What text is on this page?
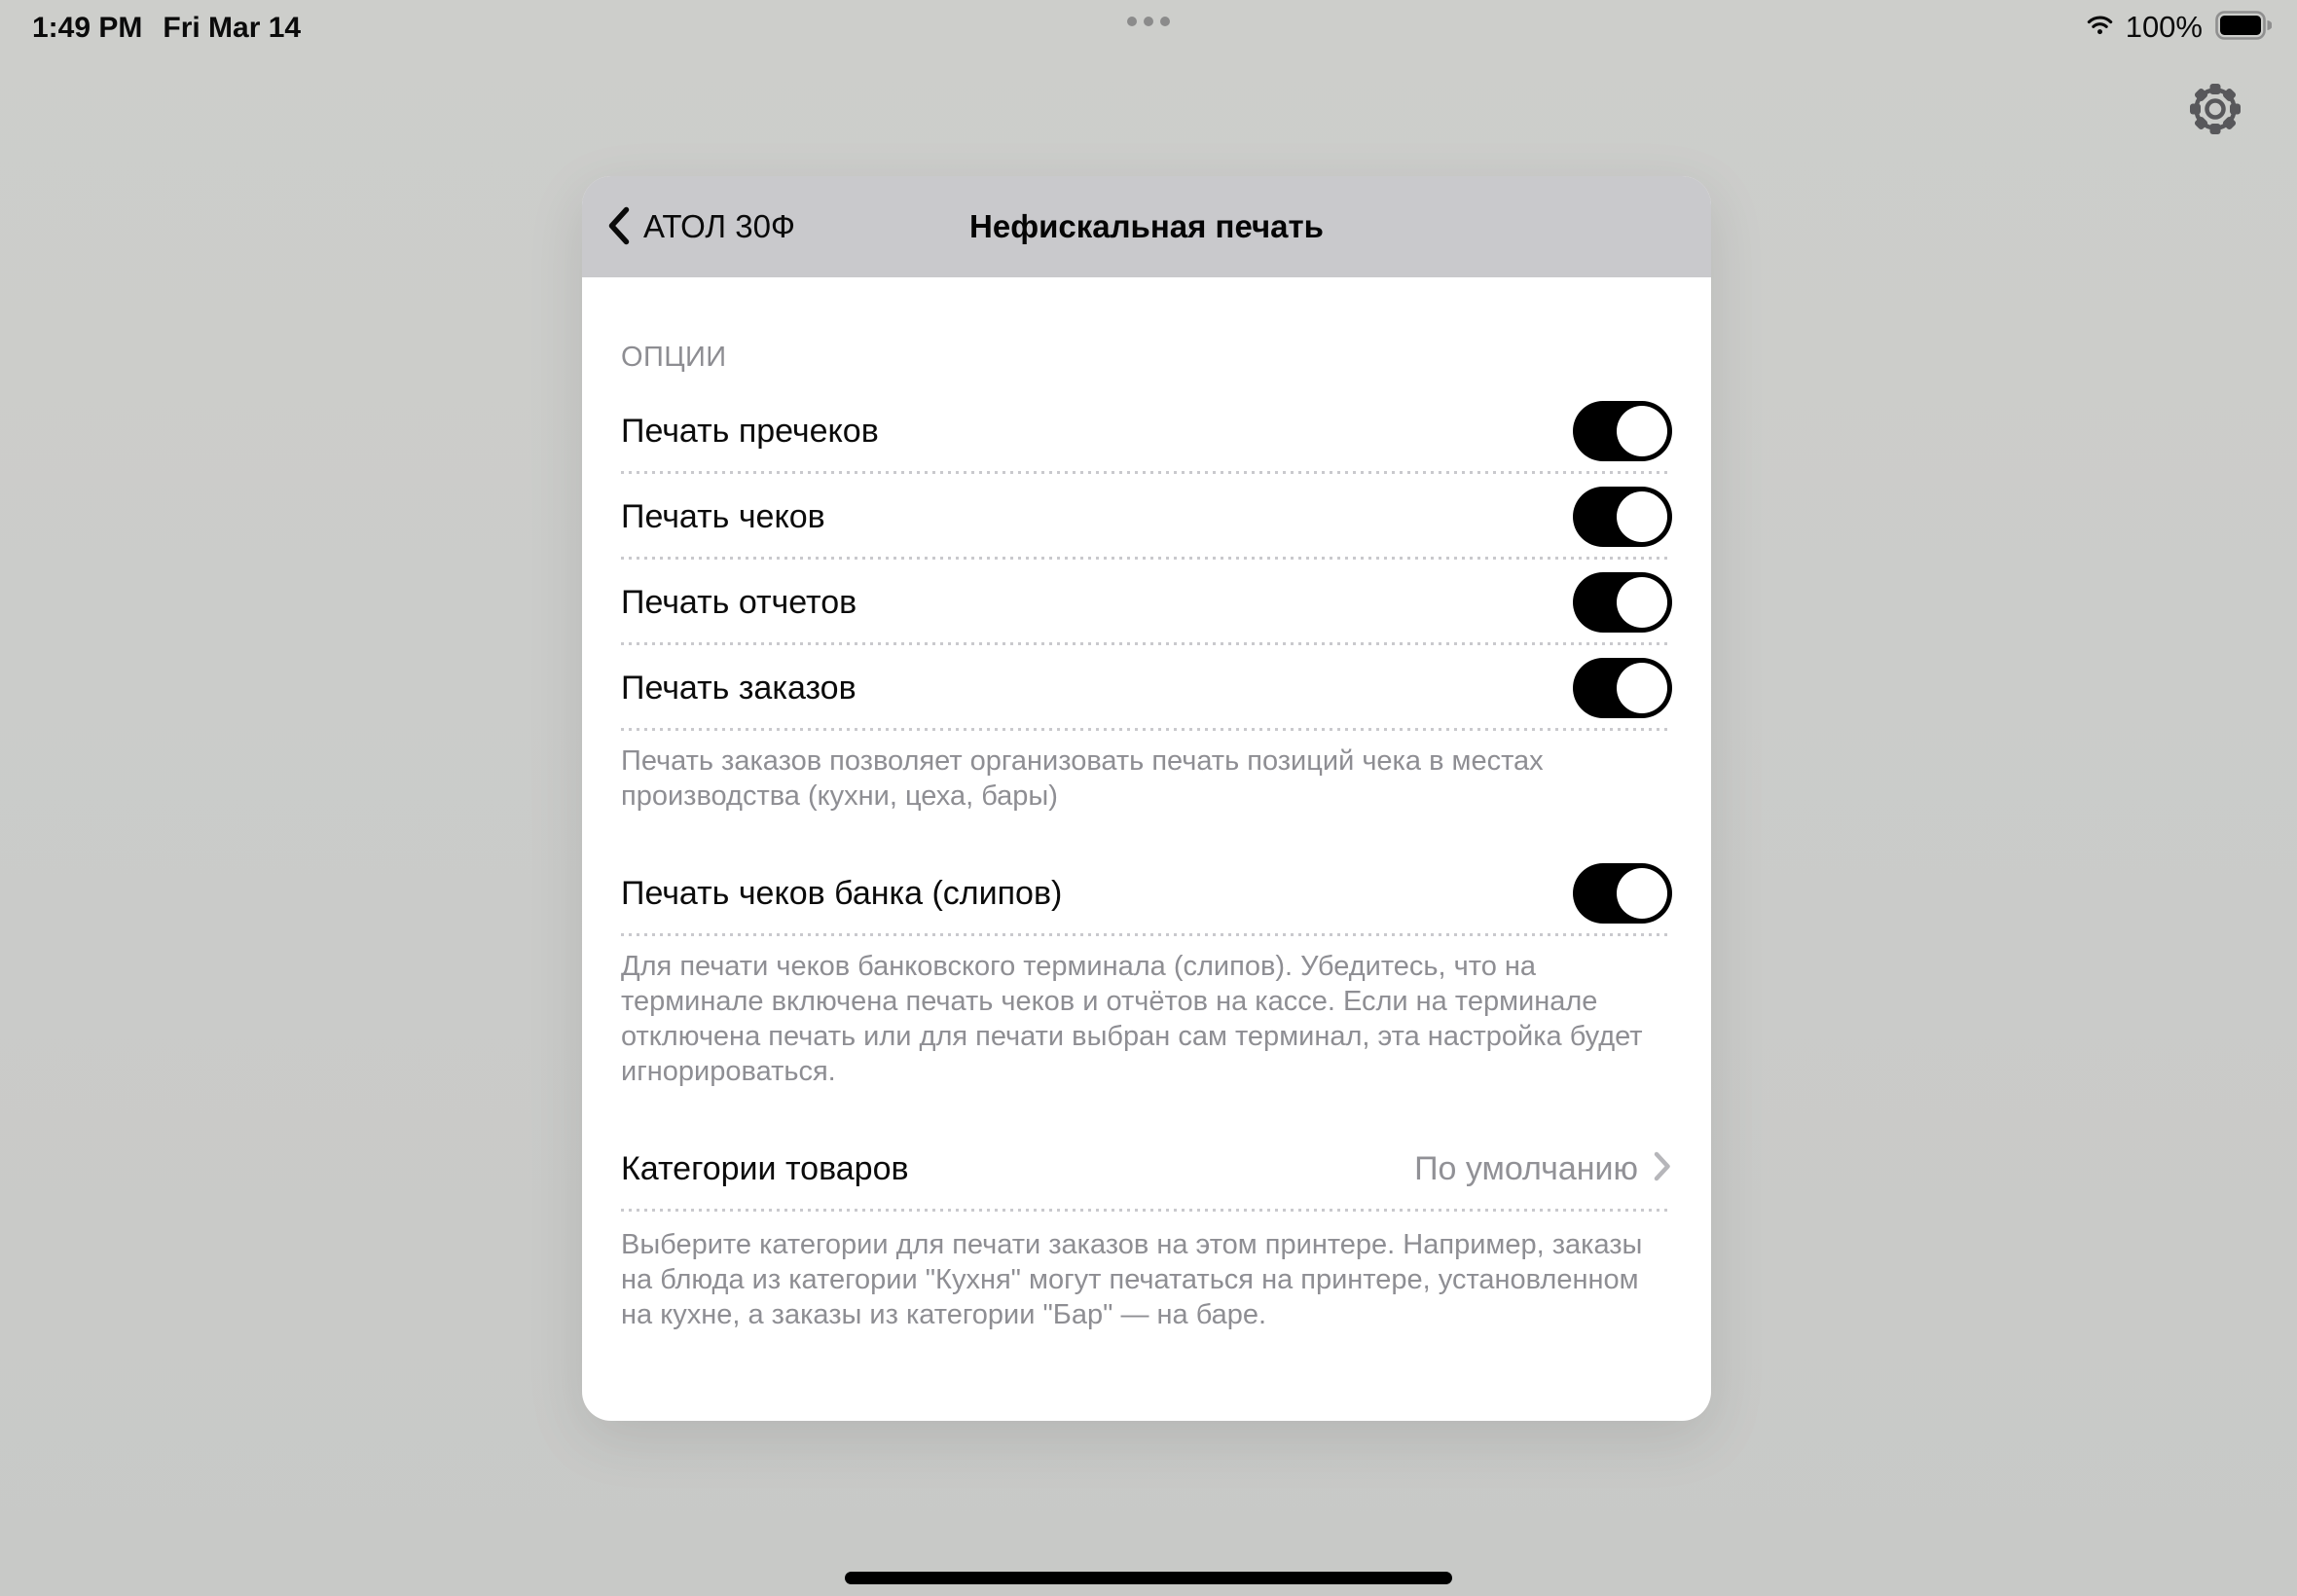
1:49 PM Fri Mar 14	100%
АТОЛ 30Ф	Нефискальная печать
ОПЦИИ
Печать пречеков
Печать чеков
Печать отчетов
Печать заказов
Печать заказов позволяет организовать печать позиций чека в местах производства (кухни, цеха, бары)
Печать чеков банка (слипов)
Для печати чеков банковского терминала (слипов). Убедитесь, что на терминале включена печать чеков и отчётов на кассе. Если на терминале отключена печать или для печати выбран сам терминал, эта настройка будет игнорироваться.
Категории товаров	По умолчанию
Выберите категории для печати заказов на этом принтере. Например, заказы на блюда из категории "Кухня" могут печататься на принтере, установленном на кухне, а заказы из категории "Бар" — на баре.
